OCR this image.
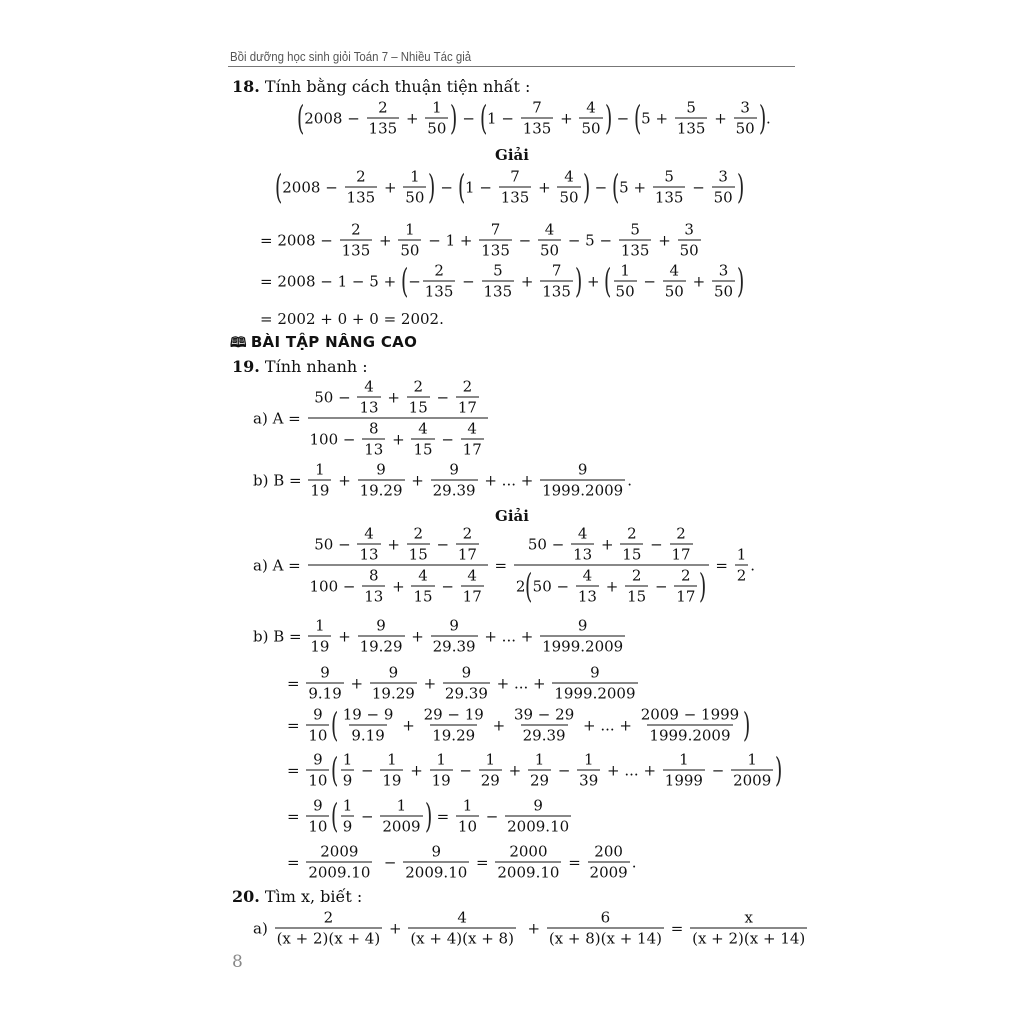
Bồi dưỡng học sinh giỏi Toán 7 – Nhiều Tác giả
18. Tính bằng cách thuận tiện nhất :
Giải
🕮 BÀI TẬP NÂNG CAO
19. Tính nhanh :
Giải
20. Tìm x, biết :
8
( $2008 - \frac{2}{135} + \frac{1}{50}$ ) − ( $1 - \frac{7}{135} + \frac{4}{50}$ ) − ( $5 + \frac{5}{135} + \frac{3}{50}$ ) .
( $2008 - \frac{2}{135} + \frac{1}{50}$ ) − ( $1 - \frac{7}{135} + \frac{4}{50}$ ) − ( $5 + \frac{5}{135} - \frac{3}{50}$ )
= $2008 - \frac{2}{135} + \frac{1}{50} - 1 + \frac{7}{135} - \frac{4}{50} - 5 - \frac{5}{135} + \frac{3}{50}$
= 2008 − 1 − 5 + ( − $\frac{2}{135} - \frac{5}{135} + \frac{7}{135}$ ) + ( $\frac{1}{50} - \frac{4}{50} + \frac{3}{50}$ )
= 2002 + 0 + 0 = 2002.
a) $A = \frac{50 - \frac{4}{13} + \frac{2}{15} - \frac{2}{17}}{100 - \frac{8}{13} + \frac{4}{15} - \frac{4}{17}}$
b) $B = \frac{1}{19} + \frac{9}{19.29} + \frac{9}{29.39}$ + ... + $\frac{9}{1999.2009}$ .
a) $A = \frac{50 - \frac{4}{13} + \frac{2}{15} - \frac{2}{17}}{100 - \frac{8}{13} + \frac{4}{15} - \frac{4}{17}} = \frac{50 - \frac{4}{13} + \frac{2}{15} - \frac{2}{17}}{2 ( 50 - \frac{4}{13} + \frac{2}{15} - \frac{2}{17} )} = \frac{1}{2}$ .
b) $B = \frac{1}{19} + \frac{9}{19.29} + \frac{9}{29.39}$ + ... + $\frac{9}{1999.2009}$
= $\frac{9}{9.19} + \frac{9}{19.29} + \frac{9}{29.39}$ + ... + $\frac{9}{1999.2009}$
= $\frac{9}{10}$ ( $\frac{19 - 9}{9.19} + \frac{29 - 19}{19.29} + \frac{39 - 29}{29.39}$ + ... + $\frac{2009 - 1999}{1999.2009}$ )
= $\frac{9}{10}$ ( $\frac{1}{9} - \frac{1}{19} + \frac{1}{19} - \frac{1}{29} + \frac{1}{29} - \frac{1}{39}$ + ... + $\frac{1}{1999} - \frac{1}{2009}$ )
= $\frac{9}{10}$ ( $\frac{1}{9} - \frac{1}{2009}$ ) = $\frac{1}{10} - \frac{9}{2009.10}$
= $\frac{2009}{2009.10} - \frac{9}{2009.10} = \frac{2000}{2009.10} = \frac{200}{2009}$ .
$a) \frac{2}{(x + 2)(x + 4)} + \frac{4}{(x + 4)(x + 8)} + \frac{6}{(x + 8)(x + 14)} = \frac{x}{(x + 2)(x + 14)}$
